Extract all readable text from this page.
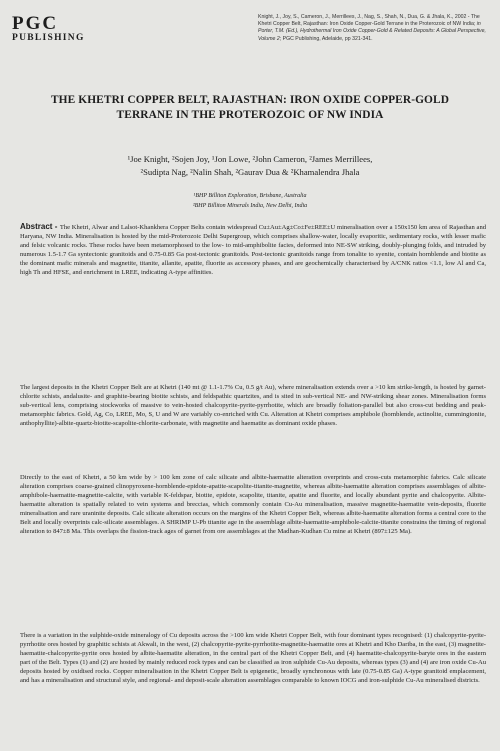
PGC
PUBLISHING
Knight, J., Joy, S., Cameron, J., Merrillees, J., Nag, S., Shah, N., Dua, G. & Jhala, K., 2002 - The Khetri Copper Belt, Rajasthan: Iron Oxide Copper-Gold Terrane in the Proterozoic of NW India; in Porter, T.M. (Ed.), Hydrothermal Iron Oxide Copper-Gold & Related Deposits: A Global Perspective, Volume 2; PGC Publishing, Adelaide, pp 321-341.
THE KHETRI COPPER BELT, RAJASTHAN: IRON OXIDE COPPER-GOLD TERRANE IN THE PROTEROZOIC OF NW INDIA
¹Joe Knight, ²Sojen Joy, ¹Jon Lowe, ²John Cameron, ²James Merrillees,
²Sudipta Nag, ²Nalin Shah, ²Gaurav Dua & ²Khamalendra Jhala
¹BHP Billiton Exploration, Brisbane, Australia
²BHP Billiton Minerals India, New Delhi, India
Abstract - The Khetri, Alwar and Lalsot-Khankhera Copper Belts contain widespread Cu±Au±Ag±Co±Fe±REE±U mineralisation over a 150x150 km area of Rajasthan and Haryana, NW India. Mineralisation is hosted by the mid-Proterozoic Delhi Supergroup, which comprises shallow-water, locally evaporitic, sedimentary rocks, with lesser mafic and felsic volcanic rocks. These rocks have been metamorphosed to the low- to mid-amphibolite facies, deformed into NE-SW striking, doubly-plunging folds, and intruded by numerous 1.5-1.7 Ga syntectonic granitoids and 0.75-0.85 Ga post-tectonic granitoids. Post-tectonic granitoids range from tonalite to syenite, contain hornblende and biotite as the dominant mafic minerals and magnetite, titanite, allanite, apatite, fluorite as accessory phases, and are geochemically characterised by A/CNK ratios <1.1, low Al and Ca, high Th and HFSE, and enrichment in LREE, indicating A-type affinities.
The largest deposits in the Khetri Copper Belt are at Khetri (140 mt @ 1.1-1.7% Cu, 0.5 g/t Au), where mineralisation extends over a >10 km strike-length, is hosted by garnet-chlorite schists, andalusite- and graphite-bearing biotite schists, and feldspathic quartzites, and is sited in sub-vertical NE- and NW-striking shear zones. Mineralisation forms sub-vertical lens, comprising stockworks of massive to vein-hosted chalcopyrite-pyrite-pyrrhotite, which are broadly foliation-parallel but also cross-cut bedding and peak-metamorphic fabrics. Gold, Ag, Co, LREE, Mo, S, U and W are variably co-enriched with Cu. Alteration at Khetri comprises amphibole (hornblende, actinolite, cummingtonite, anthophyllite)-albite-quartz-biotite-scapolite-chlorite-carbonate, with magnetite and haematite as dominant oxide phases.
Directly to the east of Khetri, a 50 km wide by > 100 km zone of calc silicate and albite-haematite alteration overprints and cross-cuts metamorphic fabrics. Calc silicate alteration comprises coarse-grained clinopyroxene-hornblende-epidote-apatite-scapolite-titanite-magnetite, whereas albite-haematite alteration comprises assemblages of albite-amphibole-haematite-magnetite-calcite, with variable K-feldspar, biotite, epidote, scapolite, titanite, apatite and fluorite, and locally abundant pyrite and chalcopyrite. Albite-haematite alteration is spatially related to vein systems and breccias, which commonly contain Cu-Au mineralisation, massive magnetite-haematite vein-deposits, fluorite mineralisation and rare uraninite deposits. Calc silicate alteration occurs on the margins of the Khetri Copper Belt, whereas albite-haematite alteration forms a central core to the Belt and locally overprints calc-silicate assemblages. A SHRIMP U-Pb titanite age in the assemblage albite-haematite-amphibole-calcite-titanite constrains the timing of regional alteration to 847±8 Ma. This overlaps the fission-track ages of garnet from ore assemblages at the Madhan-Kudhan Cu mine at Khetri (897±125 Ma).
There is a variation in the sulphide-oxide mineralogy of Cu deposits across the >100 km wide Khetri Copper Belt, with four dominant types recognised: (1) chalcopyrite-pyrite-pyrrhotite ores hosted by graphitic schists at Akwali, in the west, (2) chalcopyrite-pyrite-pyrrhotite-magnetite-haematite ores at Khetri and Kho Dariba, in the east, (3) magnetite-haematite-chalcopyrite-pyrite ores hosted by albite-haematite alteration, in the central part of the Khetri Copper Belt, and (4) haematite-chalcopyrite-baryte ores in the eastern part of the Belt. Types (1) and (2) are hosted by mainly reduced rock types and can be classified as iron sulphide Cu-Au deposits, whereas types (3) and (4) are iron oxide Cu-Au deposits hosted by oxidised rocks. Copper mineralisation in the Khetri Copper Belt is epigenetic, broadly synchronous with late (0.75-0.85 Ga) A-type granitoid emplacement, and has a mineralisation and structural style, and regional- and deposit-scale alteration assemblages comparable to known IOCG and iron-sulphide Cu-Au mineralised districts.
